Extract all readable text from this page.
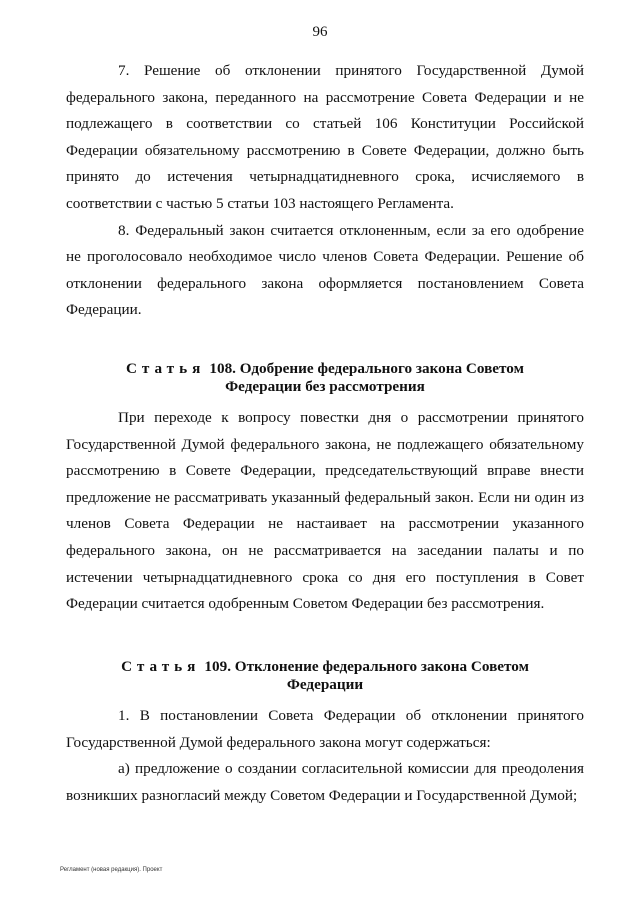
96

7. Решение об отклонении принятого Государственной Думой федерального закона, переданного на рассмотрение Совета Федерации и не подлежащего в соответствии со статьей 106 Конституции Российской Федерации обязательному рассмотрению в Совете Федерации, должно быть принято до истечения четырнадцатидневного срока, исчисляемого в соответствии с частью 5 статьи 103 настоящего Регламента.

8. Федеральный закон считается отклоненным, если за его одобрение не проголосовало необходимое число членов Совета Федерации. Решение об отклонении федерального закона оформляется постановлением Совета Федерации.

Статья 108. Одобрение федерального закона Советом
Федерации без рассмотрения

При переходе к вопросу повестки дня о рассмотрении принятого Государственной Думой федерального закона, не подлежащего обязательному рассмотрению в Совете Федерации, председательствующий вправе внести предложение не рассматривать указанный федеральный закон. Если ни один из членов Совета Федерации не настаивает на рассмотрении указанного федерального закона, он не рассматривается на заседании палаты и по истечении четырнадцатидневного срока со дня его поступления в Совет Федерации считается одобренным Советом Федерации без рассмотрения.

Статья 109. Отклонение федерального закона Советом
Федерации

1. В постановлении Совета Федерации об отклонении принятого Государственной Думой федерального закона могут содержаться:

а) предложение о создании согласительной комиссии для преодоления возникших разногласий между Советом Федерации и Государственной Думой;

Регламент (новая редакция). Проект
